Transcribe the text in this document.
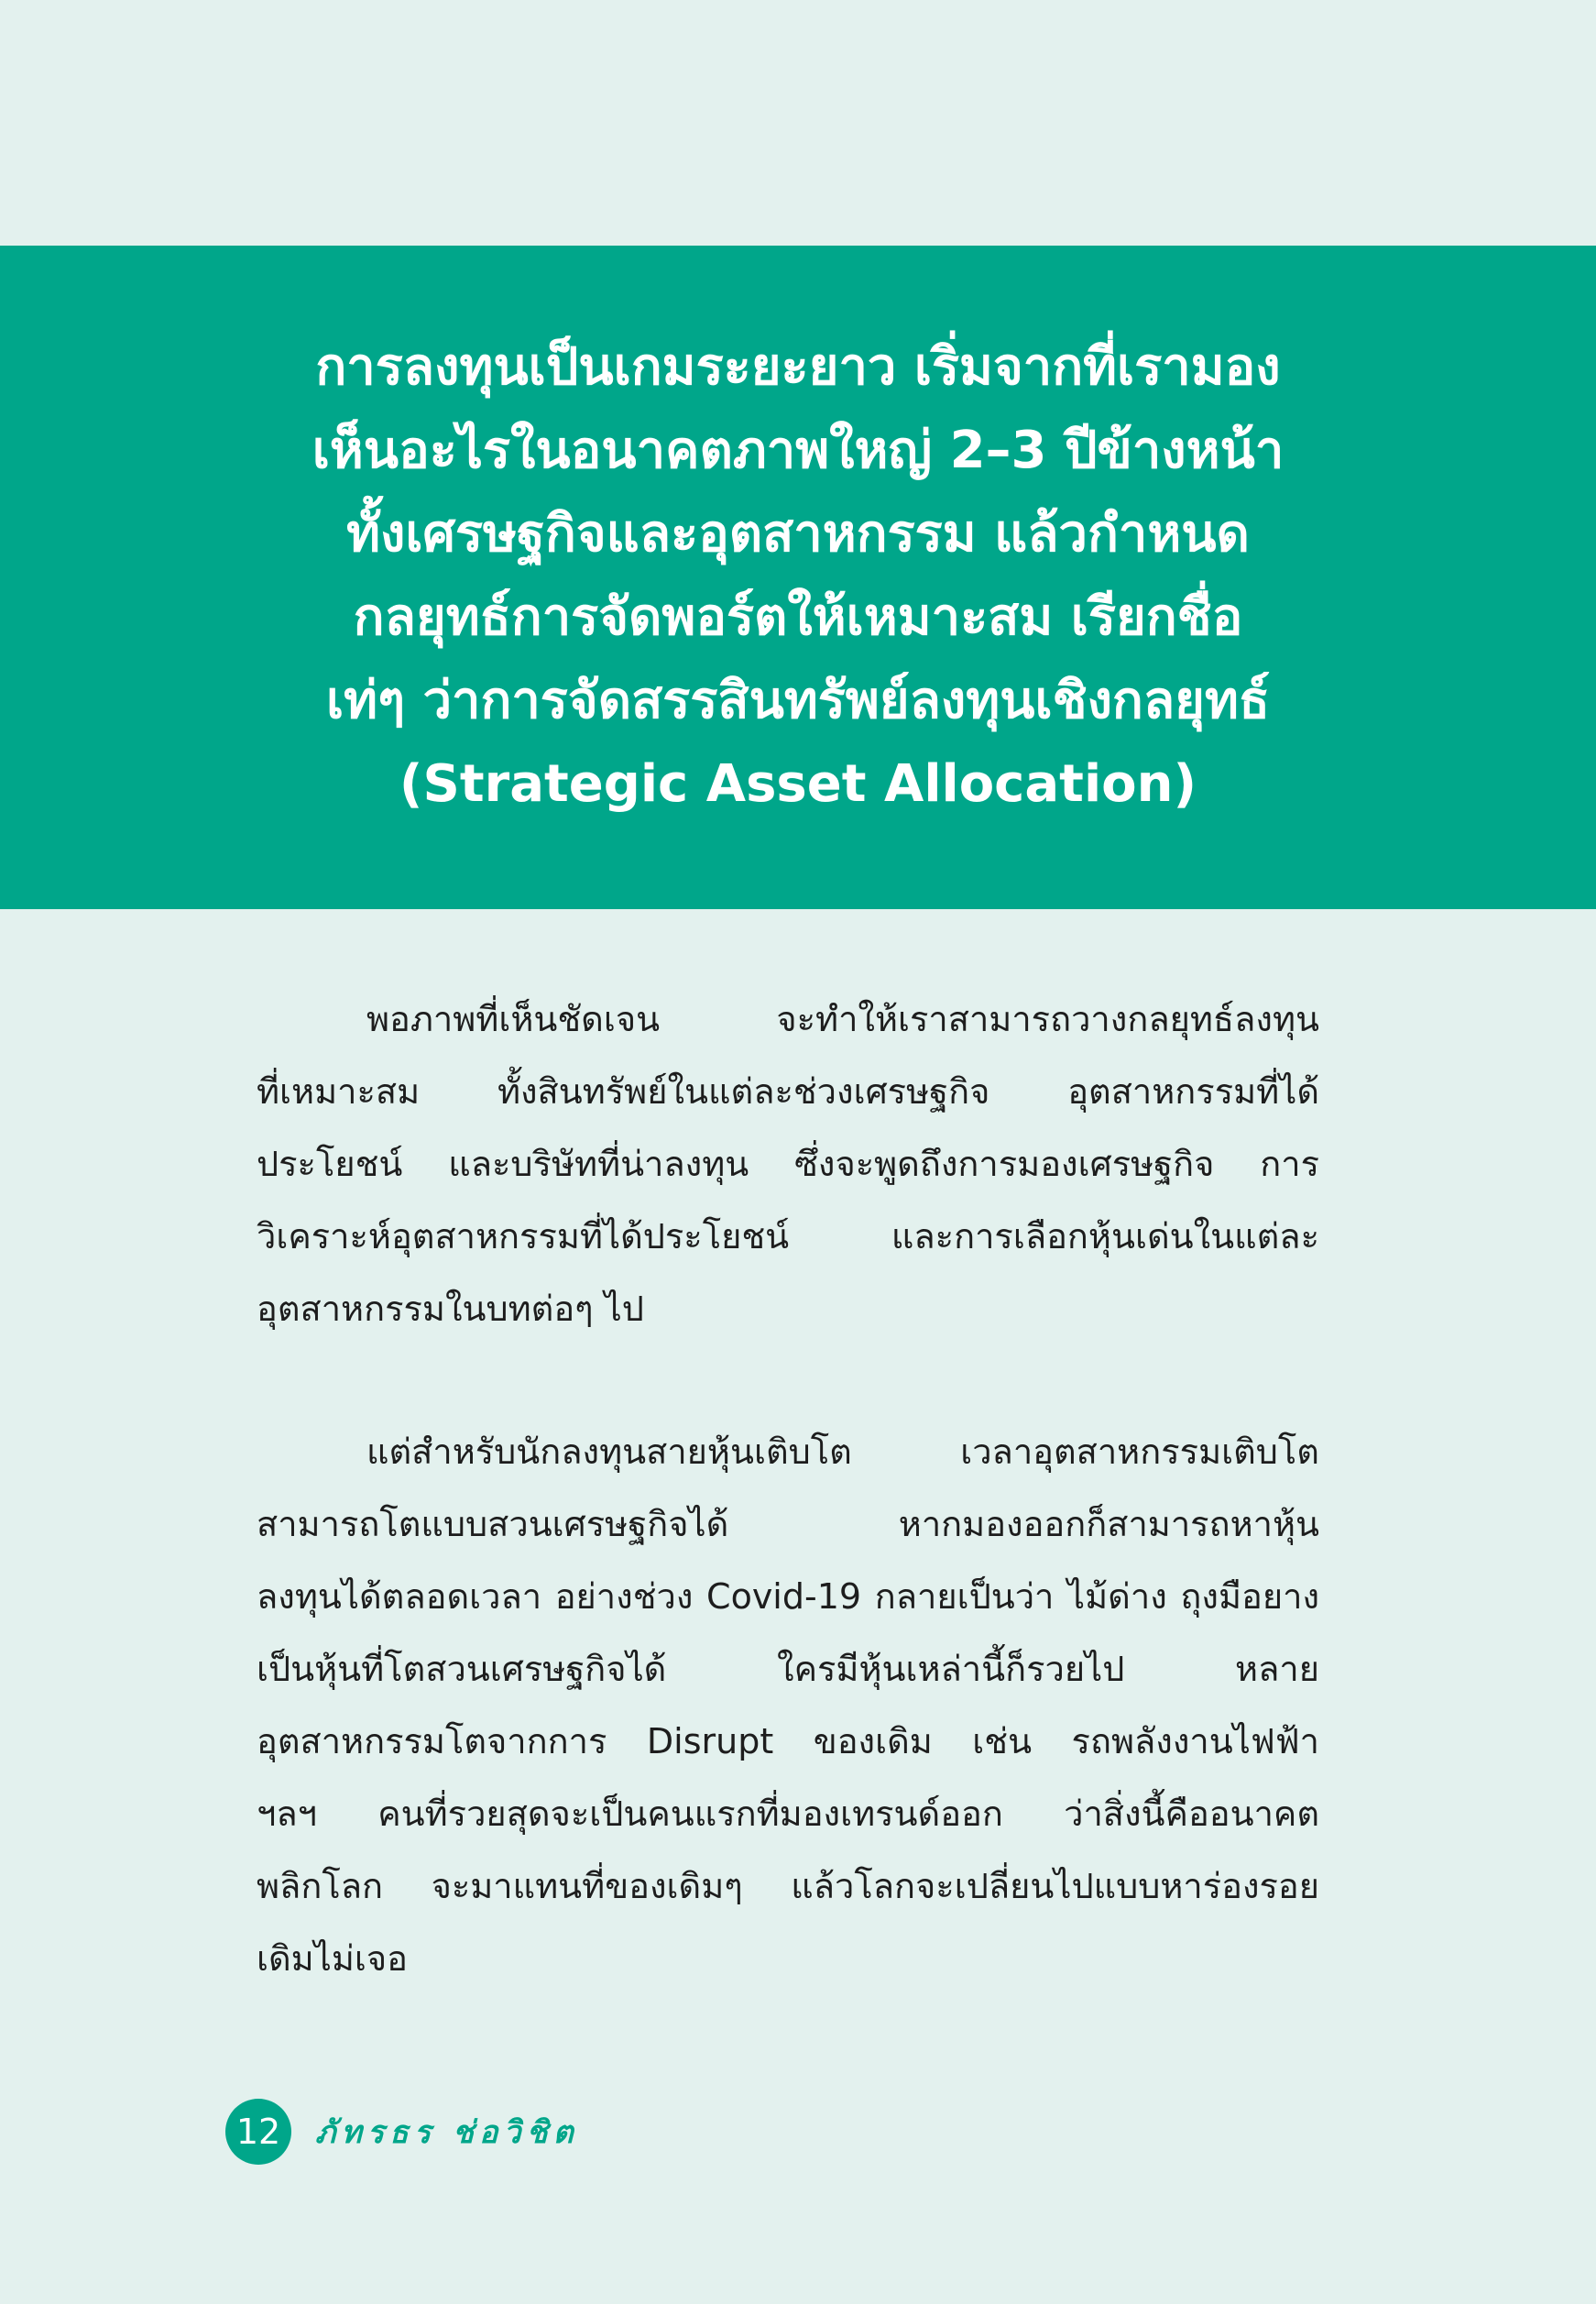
การลงทุนเป็นเกมระยะยาว เริ่มจากที่เรามอง
เห็นอะไรในอนาคตภาพใหญ่ 2–3 ปีข้างหน้า
ทั้งเศรษฐกิจและอุตสาหกรรม แล้วกำหนด
กลยุทธ์การจัดพอร์ตให้เหมาะสม เรียกชื่อ
เท่ๆ ว่าการจัดสรรสินทรัพย์ลงทุนเชิงกลยุทธ์
(Strategic Asset Allocation)
พอภาพที่เห็นชัดเจน จะทำให้เราสามารถวางกลยุทธ์ลงทุน
ที่เหมาะสม ทั้งสินทรัพย์ในแต่ละช่วงเศรษฐกิจ อุตสาหกรรมที่ได้
ประโยชน์ และบริษัทที่น่าลงทุน ซึ่งจะพูดถึงการมองเศรษฐกิจ การ
วิเคราะห์อุตสาหกรรมที่ได้ประโยชน์ และการเลือกหุ้นเด่นในแต่ละ
อุตสาหกรรมในบทต่อๆ ไป
แต่สำหรับนักลงทุนสายหุ้นเติบโต เวลาอุตสาหกรรมเติบโต
สามารถโตแบบสวนเศรษฐกิจได้ หากมองออกก็สามารถหาหุ้น
ลงทุนได้ตลอดเวลา อย่างช่วง Covid-19 กลายเป็นว่า ไม้ด่าง ถุงมือยาง
เป็นหุ้นที่โตสวนเศรษฐกิจได้ ใครมีหุ้นเหล่านี้ก็รวยไป หลาย
อุตสาหกรรมโตจากการ Disrupt ของเดิม เช่น รถพลังงานไฟฟ้า
ฯลฯ คนที่รวยสุดจะเป็นคนแรกที่มองเทรนด์ออก ว่าสิ่งนี้คืออนาคต
พลิกโลก จะมาแทนที่ของเดิมๆ แล้วโลกจะเปลี่ยนไปแบบหาร่องรอย
เดิมไม่เจอ
12	ภัทรธร ช่อวิชิต
